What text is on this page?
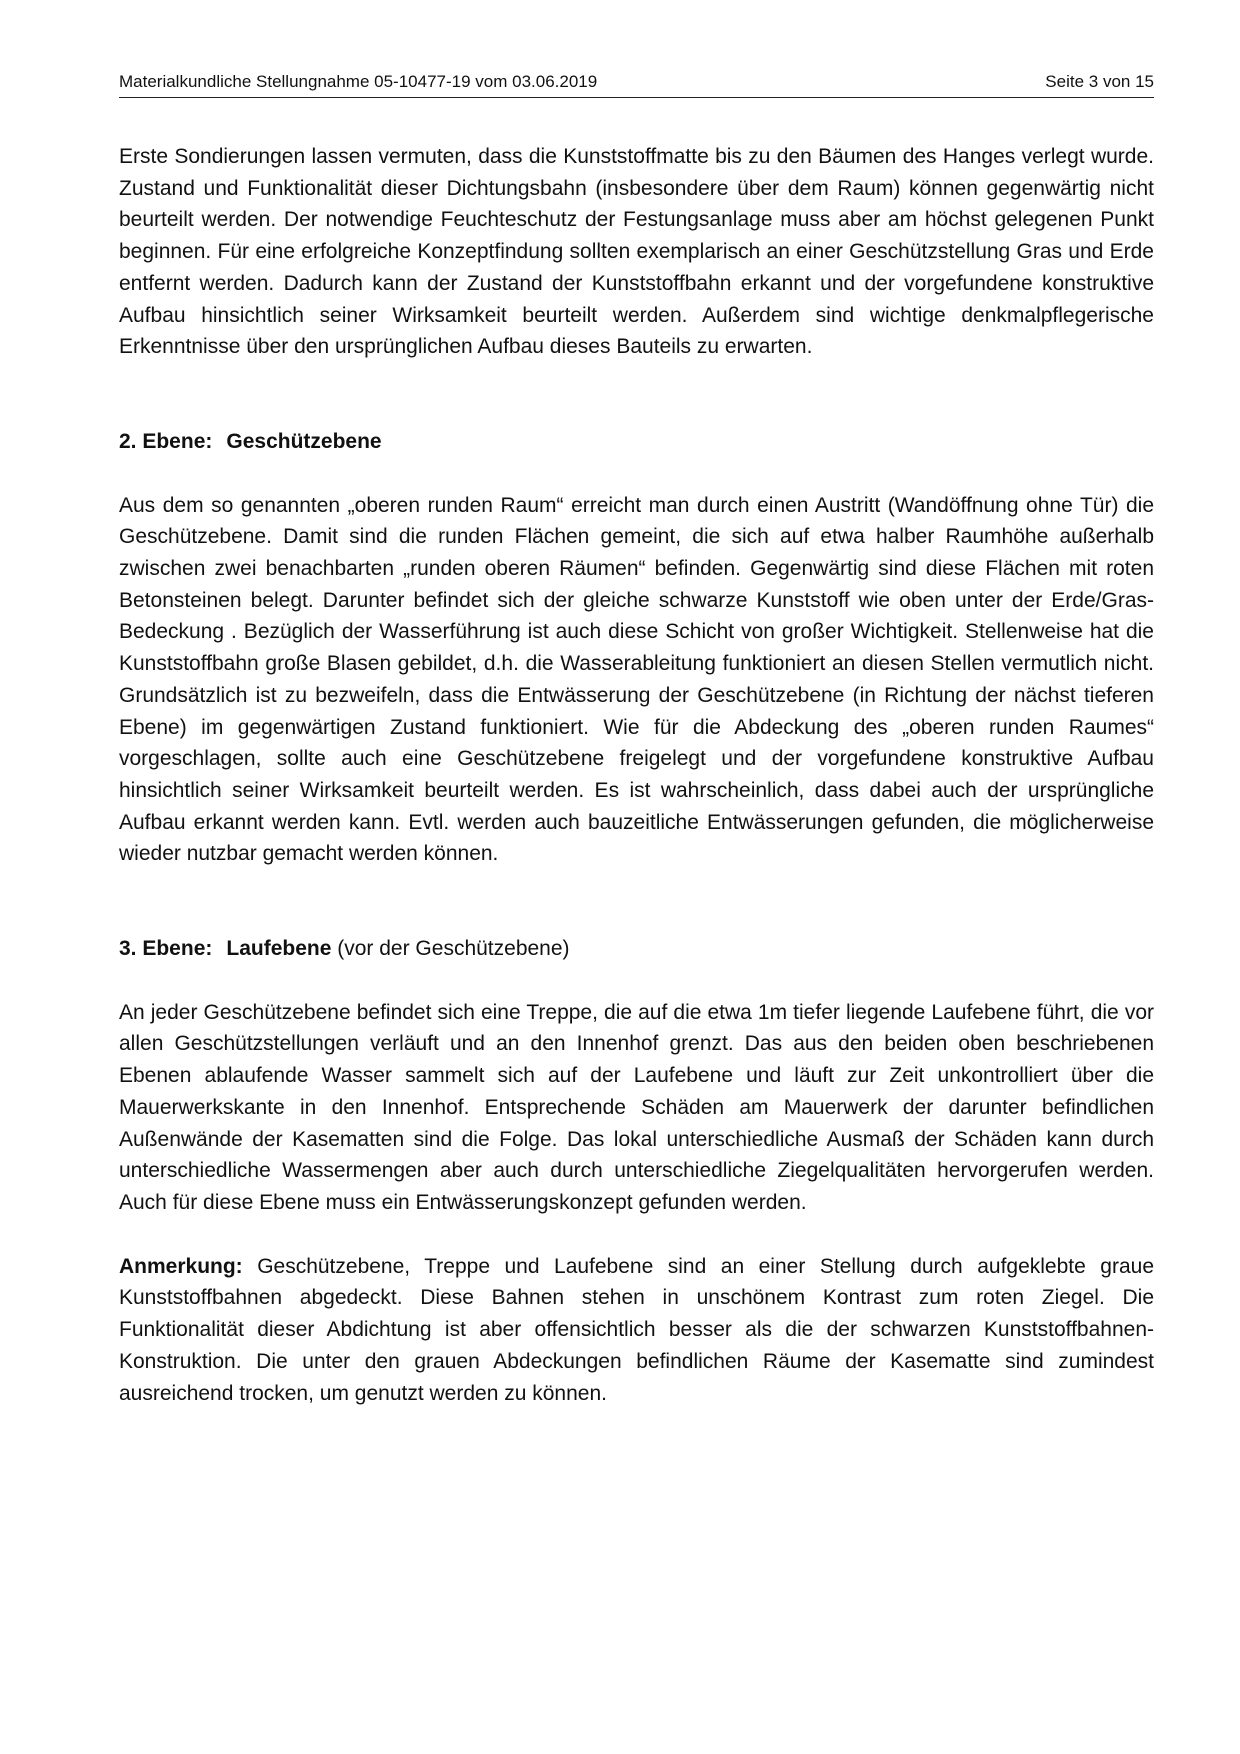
Materialkundliche Stellungnahme 05-10477-19 vom 03.06.2019	Seite 3 von 15

Erste Sondierungen lassen vermuten, dass die Kunststoffmatte bis zu den Bäumen des Hanges verlegt wurde. Zustand und Funktionalität dieser Dichtungsbahn (insbesondere über dem Raum) können gegenwärtig nicht beurteilt werden. Der notwendige Feuchteschutz der Festungsanlage muss aber am höchst gelegenen Punkt beginnen. Für eine erfolgreiche Konzeptfindung sollten exemplarisch an einer Geschützstellung Gras und Erde entfernt werden. Dadurch kann der Zustand der Kunststoffbahn erkannt und der vorgefundene konstruktive Aufbau hinsichtlich seiner Wirksamkeit beurteilt werden. Außerdem sind wichtige denkmalpflegerische Erkenntnisse über den ursprünglichen Aufbau dieses Bauteils zu erwarten.

2. Ebene: Geschützebene

Aus dem so genannten „oberen runden Raum“ erreicht man durch einen Austritt (Wandöffnung ohne Tür) die Geschützebene. Damit sind die runden Flächen gemeint, die sich auf etwa halber Raumhöhe außerhalb zwischen zwei benachbarten „runden oberen Räumen“ befinden. Gegenwärtig sind diese Flächen mit roten Betonsteinen belegt. Darunter befindet sich der gleiche schwarze Kunststoff wie oben unter der Erde/Gras-Bedeckung . Bezüglich der Wasserführung ist auch diese Schicht von großer Wichtigkeit. Stellenweise hat die Kunststoffbahn große Blasen gebildet, d.h. die Wasserableitung funktioniert an diesen Stellen vermutlich nicht. Grundsätzlich ist zu bezweifeln, dass die Entwässerung der Geschützebene (in Richtung der nächst tieferen Ebene) im gegenwärtigen Zustand funktioniert. Wie für die Abdeckung des „oberen runden Raumes“ vorgeschlagen, sollte auch eine Geschützebene freigelegt und der vorgefundene konstruktive Aufbau hinsichtlich seiner Wirksamkeit beurteilt werden. Es ist wahrscheinlich, dass dabei auch der ursprüngliche Aufbau erkannt werden kann. Evtl. werden auch bauzeitliche Entwässerungen gefunden, die möglicherweise wieder nutzbar gemacht werden können.

3. Ebene: Laufebene (vor der Geschützebene)

An jeder Geschützebene befindet sich eine Treppe, die auf die etwa 1m tiefer liegende Laufebene führt, die vor allen Geschützstellungen verläuft und an den Innenhof grenzt. Das aus den beiden oben beschriebenen Ebenen ablaufende Wasser sammelt sich auf der Laufebene und läuft zur Zeit unkontrolliert über die Mauerwerkskante in den Innenhof. Entsprechende Schäden am Mauerwerk der darunter befindlichen Außenwände der Kasematten sind die Folge. Das lokal unterschiedliche Ausmaß der Schäden kann durch unterschiedliche Wassermengen aber auch durch unterschiedliche Ziegelqualitäten hervorgerufen werden. Auch für diese Ebene muss ein Entwässerungskonzept gefunden werden.

Anmerkung: Geschützebene, Treppe und Laufebene sind an einer Stellung durch aufgeklebte graue Kunststoffbahnen abgedeckt. Diese Bahnen stehen in unschönem Kontrast zum roten Ziegel. Die Funktionalität dieser Abdichtung ist aber offensichtlich besser als die der schwarzen Kunststoffbahnen-Konstruktion. Die unter den grauen Abdeckungen befindlichen Räume der Kasematte sind zumindest ausreichend trocken, um genutzt werden zu können.
